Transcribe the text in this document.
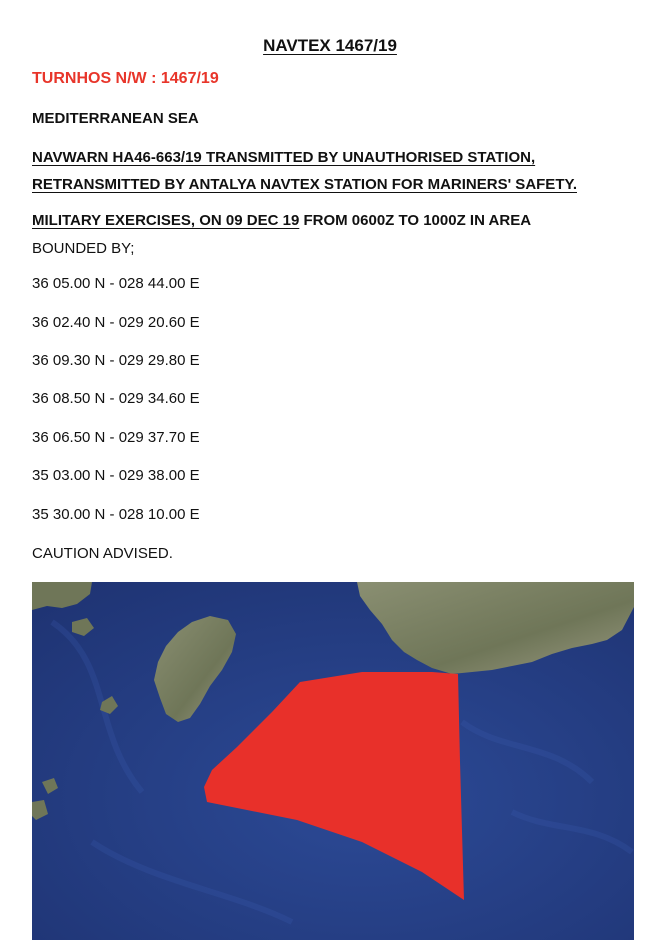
NAVTEX 1467/19
TURNHOS N/W : 1467/19
MEDITERRANEAN SEA
NAVWARN HA46-663/19 TRANSMITTED BY UNAUTHORISED STATION,
RETRANSMITTED BY ANTALYA NAVTEX STATION FOR MARINERS' SAFETY.
MILITARY EXERCISES, ON 09 DEC 19 FROM 0600Z TO 1000Z IN AREA
BOUNDED BY;
36 05.00 N - 028 44.00 E
36 02.40 N - 029 20.60 E
36 09.30 N - 029 29.80 E
36 08.50 N - 029 34.60 E
36 06.50 N - 029 37.70 E
35 03.00 N - 029 38.00 E
35 30.00 N - 028 10.00 E
CAUTION ADVISED.
